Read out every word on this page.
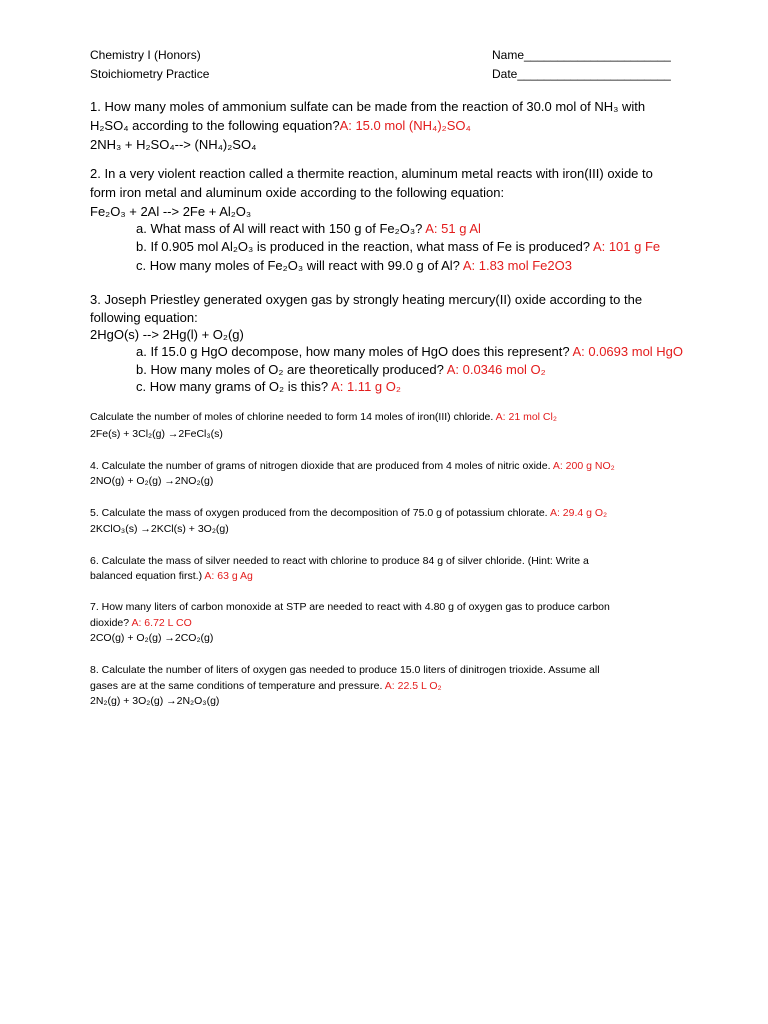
Chemistry I (Honors)
Stoichiometry Practice
Name______________________
Date_______________________
1. How many moles of ammonium sulfate can be made from the reaction of 30.0 mol of NH₃ with
H₂SO₄ according to the following equation?A: 15.0 mol (NH₄)₂SO₄
2NH₃ + H₂SO₄--> (NH₄)₂SO₄
2. In a very violent reaction called a thermite reaction, aluminum metal reacts with iron(III) oxide to
form iron metal and aluminum oxide according to the following equation:
Fe₂O₃ + 2Al --> 2Fe + Al₂O₃
a. What mass of Al will react with 150 g of Fe₂O₃? A: 51 g Al
b. If 0.905 mol Al₂O₃ is produced in the reaction, what mass of Fe is produced? A: 101 g Fe
c. How many moles of Fe₂O₃ will react with 99.0 g of Al? A: 1.83 mol Fe2O3
3. Joseph Priestley generated oxygen gas by strongly heating mercury(II) oxide according to the
following equation:
2HgO(s) --> 2Hg(l) + O₂(g)
a. If 15.0 g HgO decompose, how many moles of HgO does this represent? A: 0.0693 mol HgO
b. How many moles of O₂ are theoretically produced? A: 0.0346 mol O₂
c. How many grams of O₂ is this? A: 1.11 g O₂
Calculate the number of moles of chlorine needed to form 14 moles of iron(III) chloride. A: 21 mol Cl₂
2Fe(s) + 3Cl₂(g) →2FeCl₃(s)
4. Calculate the number of grams of nitrogen dioxide that are produced from 4 moles of nitric oxide. A: 200 g NO₂
2NO(g) + O₂(g) →2NO₂(g)
5. Calculate the mass of oxygen produced from the decomposition of 75.0 g of potassium chlorate. A: 29.4 g O₂
2KClO₃(s) →2KCl(s) + 3O₂(g)
6. Calculate the mass of silver needed to react with chlorine to produce 84 g of silver chloride. (Hint: Write a
balanced equation first.) A: 63 g Ag
7. How many liters of carbon monoxide at STP are needed to react with 4.80 g of oxygen gas to produce carbon
dioxide? A: 6.72 L CO
2CO(g) + O₂(g) →2CO₂(g)
8. Calculate the number of liters of oxygen gas needed to produce 15.0 liters of dinitrogen trioxide. Assume all
gases are at the same conditions of temperature and pressure. A: 22.5 L O₂
2N₂(g) + 3O₂(g) →2N₂O₃(g)
